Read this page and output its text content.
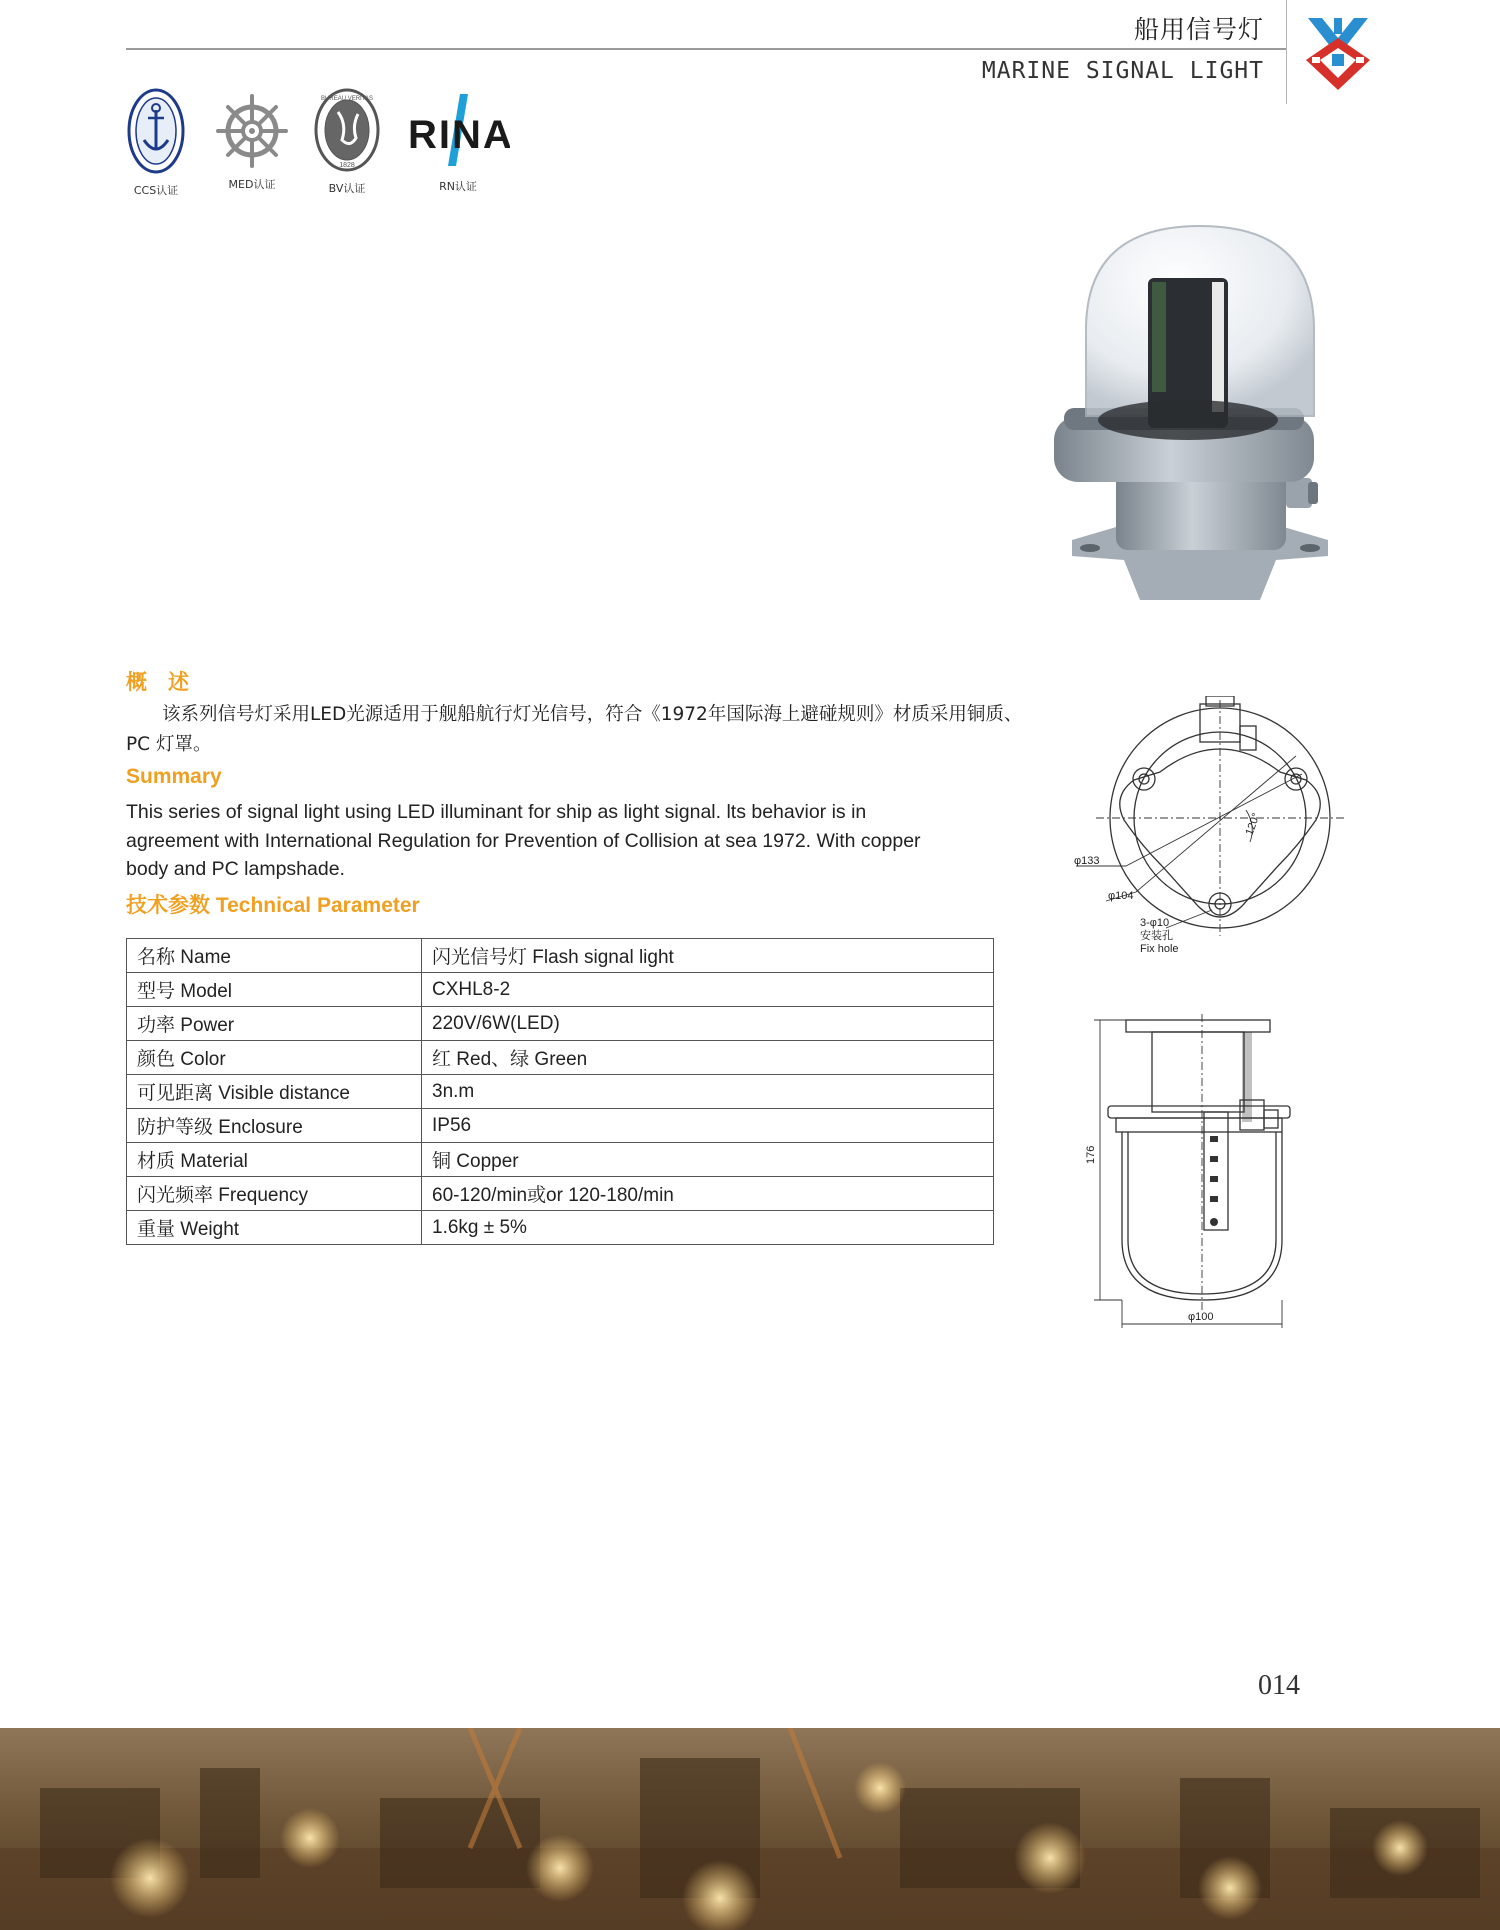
船用信号灯
MARINE SIGNAL LIGHT
CCS认证	MED认证
BUREAU VERITAS
1828
BV认证
RINA
RN认证
概　述
该系列信号灯采用LED光源适用于舰船航行灯光信号，符合《1972年国际海上避碰规则》材质采用铜质、PC 灯罩。
Summary
This series of signal light using LED illuminant for ship as light signal. lts behavior is in agreement with International Regulation for Prevention of Collision at sea 1972. With copper body and PC lampshade.
技术参数 Technical Parameter
名称 Name	闪光信号灯 Flash signal light
型号 Model	CXHL8-2
功率 Power	220V/6W(LED)
颜色 Color	红 Red、绿 Green
可见距离 Visible distance	3n.m
防护等级 Enclosure	IP56
材质 Material	铜 Copper
闪光频率 Frequency	60-120/min或or 120-180/min
重量 Weight	1.6kg ± 5%
φ133
φ104
120°
3-φ10
安装孔
Fix hole
176
φ100
014
